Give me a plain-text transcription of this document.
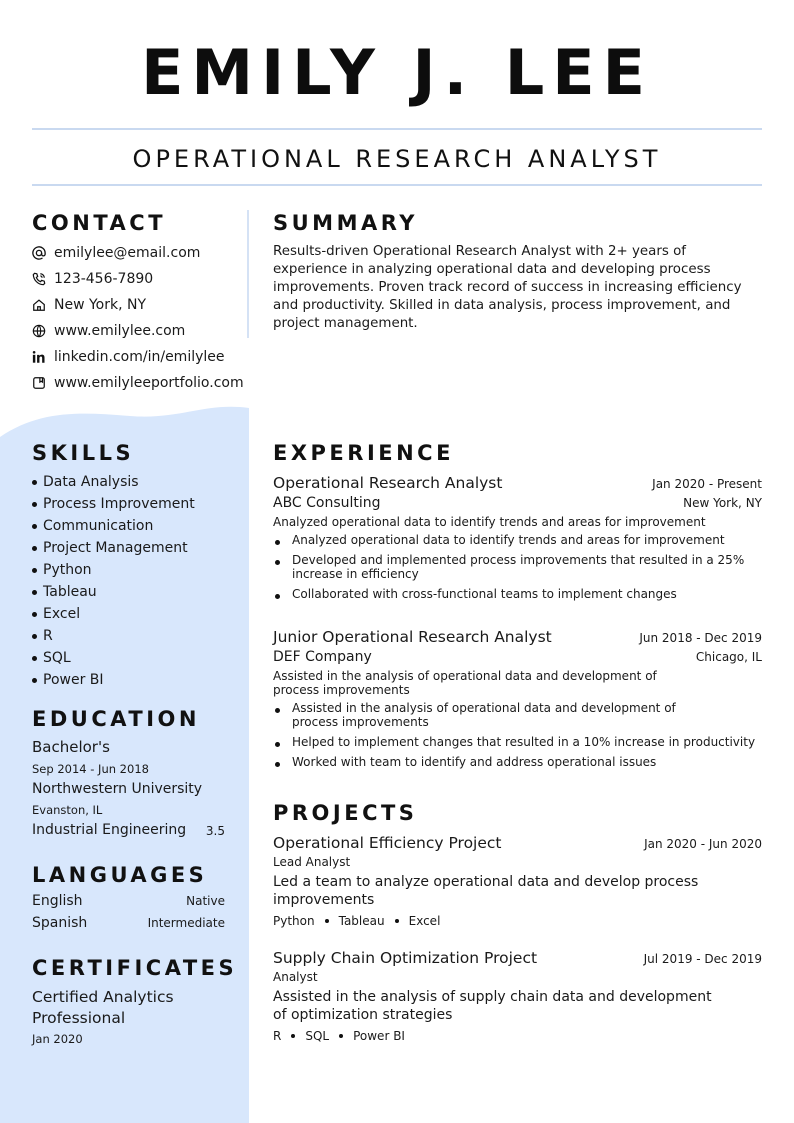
EMILY J. LEE
OPERATIONAL RESEARCH ANALYST
CONTACT
emilylee@email.com
123-456-7890
New York, NY
www.emilylee.com
linkedin.com/in/emilylee
www.emilyleeportfolio.com
SUMMARY

Results-driven Operational Research Analyst with 2+ years of experience in analyzing operational data and developing process improvements. Proven track record of success in increasing efficiency and productivity. Skilled in data analysis, process improvement, and project management.

SKILLS
Data Analysis
Process Improvement
Communication
Project Management
Python
Tableau
Excel
R
SQL
Power BI
EDUCATION

Bachelor's

Sep 2014 - Jun 2018

Northwestern University

Evanston, IL

Industrial Engineering	3.5

LANGUAGES
English	Native
Spanish	Intermediate
CERTIFICATES

Certified Analytics Professional

Jan 2020

EXPERIENCE
Operational Research Analyst	Jan 2020 - Present
ABC Consulting	New York, NY
Analyzed operational data to identify trends and areas for improvement
Analyzed operational data to identify trends and areas for improvement
Developed and implemented process improvements that resulted in a 25% increase in efficiency
Collaborated with cross-functional teams to implement changes
Junior Operational Research Analyst	Jun 2018 - Dec 2019
DEF Company	Chicago, IL
Assisted in the analysis of operational data and development of process improvements
Assisted in the analysis of operational data and development of process improvements
Helped to implement changes that resulted in a 10% increase in productivity
Worked with team to identify and address operational issues
PROJECTS
Operational Efficiency Project	Jan 2020 - Jun 2020
Lead Analyst
Led a team to analyze operational data and develop process improvements
Python Tableau Excel
Supply Chain Optimization Project	Jul 2019 - Dec 2019
Analyst
Assisted in the analysis of supply chain data and development of optimization strategies
R SQL Power BI
